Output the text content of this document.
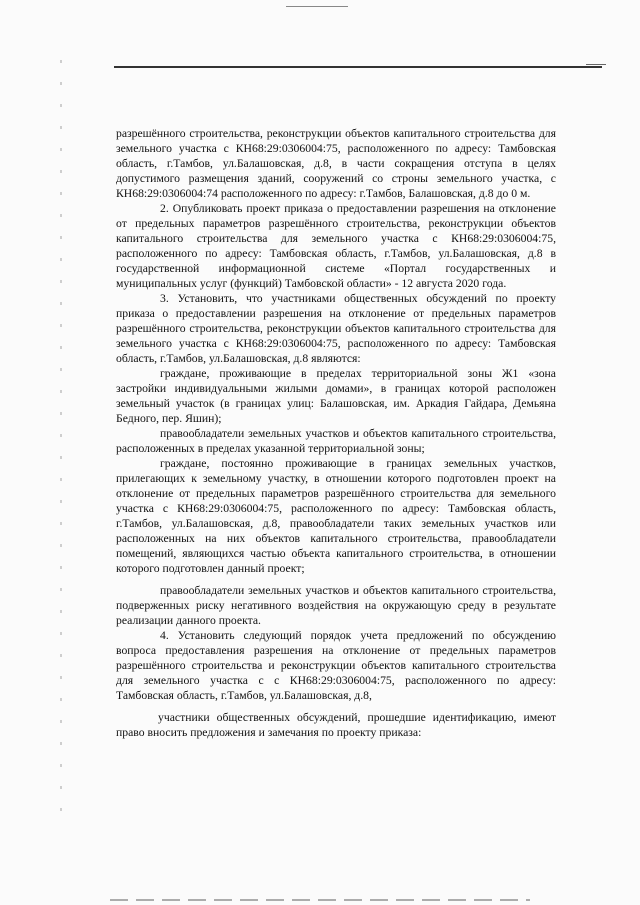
разрешённого строительства, реконструкции объектов капитального строительства для земельного участка с КН68:29:0306004:75, расположенного по адресу: Тамбовская область, г.Тамбов, ул.Балашовская, д.8, в части сокращения отступа в целях допустимого размещения зданий, сооружений со строны земельного участка, с КН68:29:0306004:74 расположенного по адресу: г.Тамбов, Балашовская, д.8 до 0 м.

2. Опубликовать проект приказа о предоставлении разрешения на отклонение от предельных параметров разрешённого строительства, реконструкции объектов капитального строительства для земельного участка с КН68:29:0306004:75, расположенного по адресу: Тамбовская область, г.Тамбов, ул.Балашовская, д.8 в государственной информационной системе «Портал государственных и муниципальных услуг (функций) Тамбовской области» - 12 августа 2020 года.

3. Установить, что участниками общественных обсуждений по проекту приказа о предоставлении разрешения на отклонение от предельных параметров разрешённого строительства, реконструкции объектов капитального строительства для земельного участка с КН68:29:0306004:75, расположенного по адресу: Тамбовская область, г.Тамбов, ул.Балашовская, д.8 являются:

граждане, проживающие в пределах территориальной зоны Ж1 «зона застройки индивидуальными жилыми домами», в границах которой расположен земельный участок (в границах улиц: Балашовская, им. Аркадия Гайдара, Демьяна Бедного, пер. Яшин);

правообладатели земельных участков и объектов капитального строительства, расположенных в пределах указанной территориальной зоны;

граждане, постоянно проживающие в границах земельных участков, прилегающих к земельному участку, в отношении которого подготовлен проект на отклонение от предельных параметров разрешённого строительства для земельного участка с КН68:29:0306004:75, расположенного по адресу: Тамбовская область, г.Тамбов, ул.Балашовская, д.8, правообладатели таких земельных участков или расположенных на них объектов капитального строительства, правообладатели помещений, являющихся частью объекта капитального строительства, в отношении которого подготовлен данный проект;

правообладатели земельных участков и объектов капитального строительства, подверженных риску негативного воздействия на окружающую среду в результате реализации данного проекта.

4. Установить следующий порядок учета предложений по обсуждению вопроса предоставления разрешения на отклонение от предельных параметров разрешённого строительства и реконструкции объектов капитального строительства для земельного участка с с КН68:29:0306004:75, расположенного по адресу: Тамбовская область, г.Тамбов, ул.Балашовская, д.8,

участники общественных обсуждений, прошедшие идентификацию, имеют право вносить предложения и замечания по проекту приказа:
